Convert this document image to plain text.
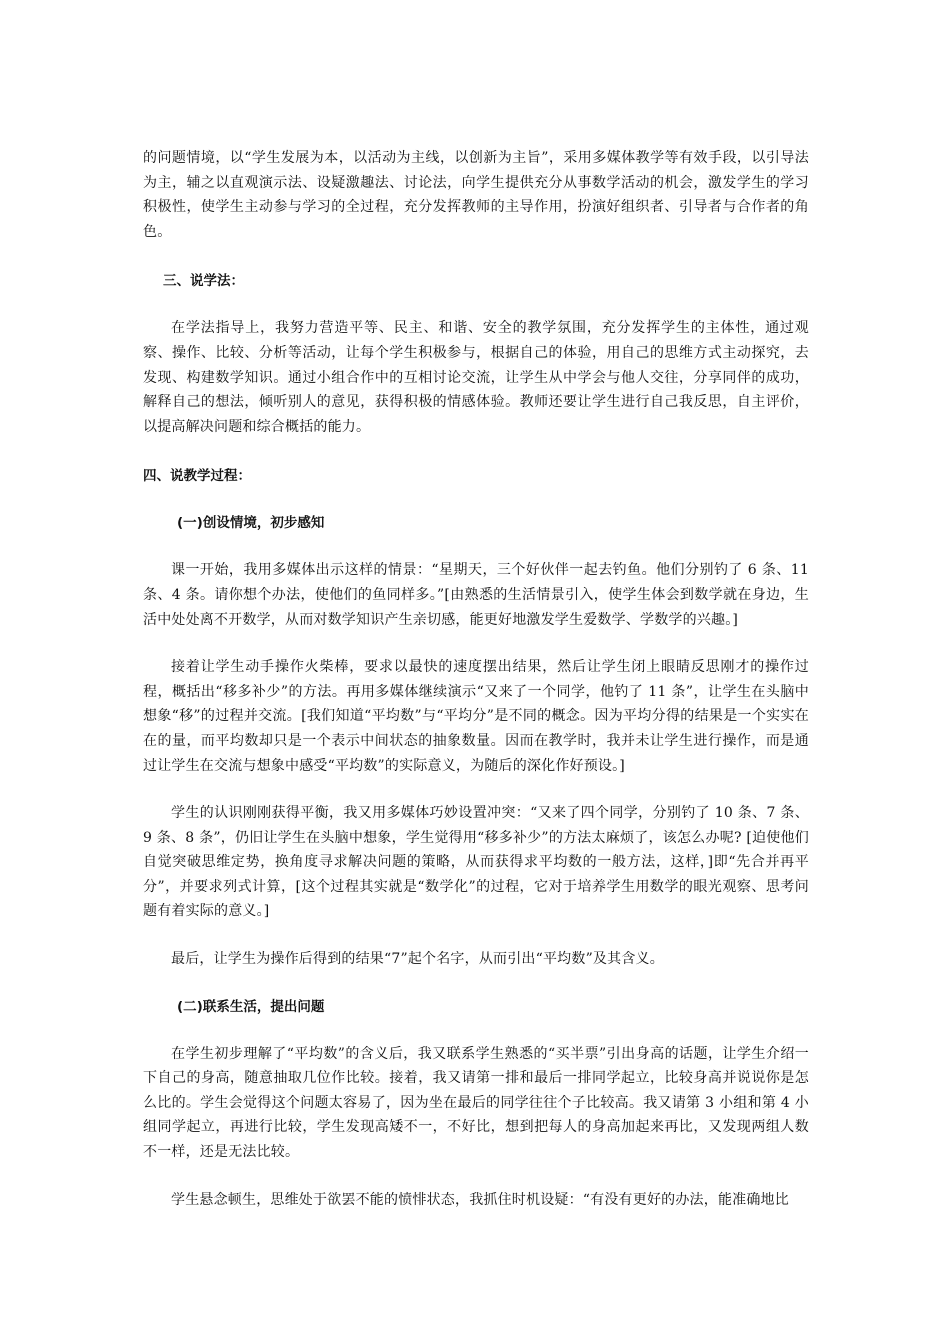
的问题情境，以“学生发展为本，以活动为主线，以创新为主旨”，采用多媒体教学等有效手段，以引导法为主，辅之以直观演示法、设疑激趣法、讨论法，向学生提供充分从事数学活动的机会，激发学生的学习积极性，使学生主动参与学习的全过程，充分发挥教师的主导作用，扮演好组织者、引导者与合作者的角色。

三、说学法：

在学法指导上，我努力营造平等、民主、和谐、安全的教学氛围，充分发挥学生的主体性，通过观察、操作、比较、分析等活动，让每个学生积极参与，根据自己的体验，用自己的思维方式主动探究，去发现、构建数学知识。通过小组合作中的互相讨论交流，让学生从中学会与他人交往，分享同伴的成功，解释自己的想法，倾听别人的意见，获得积极的情感体验。教师还要让学生进行自己我反思，自主评价，以提高解决问题和综合概括的能力。

四、说教学过程：
(一)创设情境，初步感知

课一开始，我用多媒体出示这样的情景：“星期天，三个好伙伴一起去钓鱼。他们分别钓了 6 条、11 条、4 条。请你想个办法，使他们的鱼同样多。”[由熟悉的生活情景引入，使学生体会到数学就在身边，生活中处处离不开数学，从而对数学知识产生亲切感，能更好地激发学生爱数学、学数学的兴趣。]

接着让学生动手操作火柴棒，要求以最快的速度摆出结果，然后让学生闭上眼睛反思刚才的操作过程，概括出“移多补少”的方法。再用多媒体继续演示“又来了一个同学，他钓了 11 条”，让学生在头脑中想象“移”的过程并交流。[我们知道“平均数”与“平均分”是不同的概念。因为平均分得的结果是一个实实在在的量，而平均数却只是一个表示中间状态的抽象数量。因而在教学时，我并未让学生进行操作，而是通过让学生在交流与想象中感受“平均数”的实际意义，为随后的深化作好预设。]

学生的认识刚刚获得平衡，我又用多媒体巧妙设置冲突：“又来了四个同学，分别钓了 10 条、7 条、9 条、8 条”，仍旧让学生在头脑中想象，学生觉得用“移多补少”的方法太麻烦了，该怎么办呢? [迫使他们自觉突破思维定势，换角度寻求解决问题的策略，从而获得求平均数的一般方法，这样，]即“先合并再平分”，并要求列式计算，[这个过程其实就是“数学化”的过程，它对于培养学生用数学的眼光观察、思考问题有着实际的意义。]

最后，让学生为操作后得到的结果“7”起个名字，从而引出“平均数”及其含义。

(二)联系生活，提出问题

在学生初步理解了“平均数”的含义后，我又联系学生熟悉的“买半票”引出身高的话题，让学生介绍一下自己的身高，随意抽取几位作比较。接着，我又请第一排和最后一排同学起立，比较身高并说说你是怎么比的。学生会觉得这个问题太容易了，因为坐在最后的同学往往个子比较高。我又请第 3 小组和第 4 小组同学起立，再进行比较，学生发现高矮不一，不好比，想到把每人的身高加起来再比，又发现两组人数不一样，还是无法比较。

学生悬念顿生，思维处于欲罢不能的愤悱状态，我抓住时机设疑：“有没有更好的办法，能准确地比
